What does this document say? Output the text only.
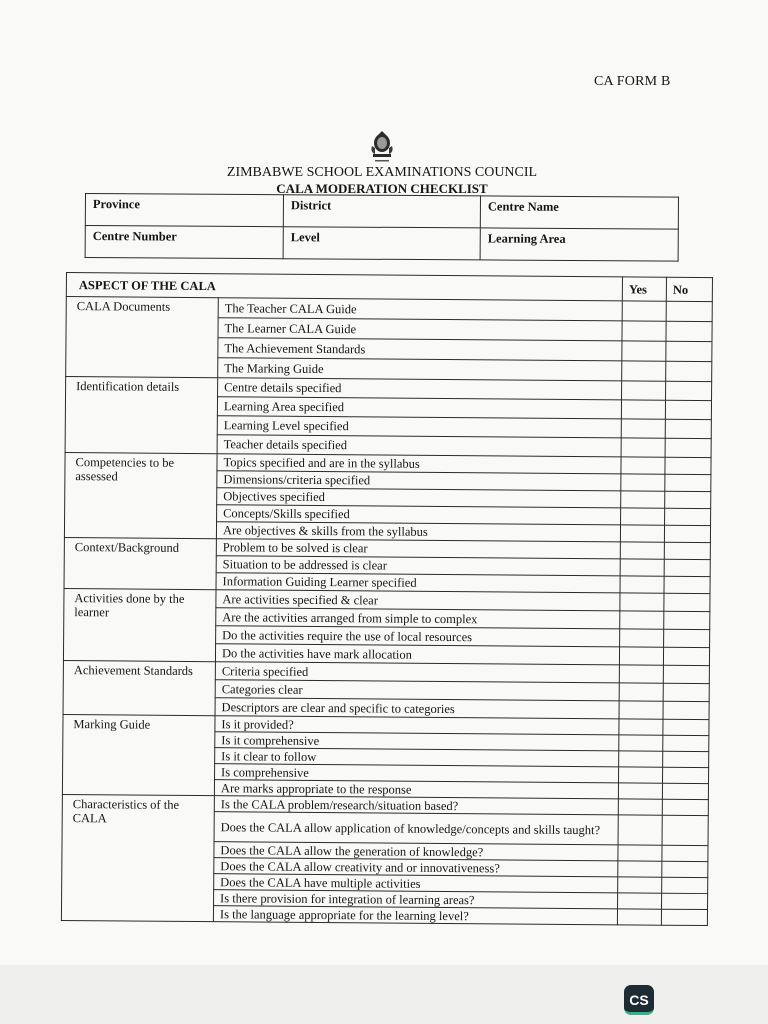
CA FORM B
ZIMBABWE SCHOOL EXAMINATIONS COUNCIL
CALA MODERATION CHECKLIST
Province	District	Centre Name
Centre Number	Level	Learning Area
ASPECT OF THE CALA		Yes	No
CALA Documents	The Teacher CALA Guide		
	The Learner CALA Guide		
	The Achievement Standards		
	The Marking Guide		
Identification details	Centre details specified		
	Learning Area specified		
	Learning Level specified		
	Teacher details specified		
Competencies to be assessed	Topics specified and are in the syllabus		
	Dimensions/criteria specified		
	Objectives specified		
	Concepts/Skills specified		
	Are objectives & skills from the syllabus		
Context/Background	Problem to be solved is clear		
	Situation to be addressed is clear		
	Information Guiding Learner specified		
Activities done by the learner	Are activities specified & clear		
	Are the activities arranged from simple to complex		
	Do the activities require the use of local resources		
	Do the activities have mark allocation		
Achievement Standards	Criteria specified		
	Categories clear		
	Descriptors are clear and specific to categories		
Marking Guide	Is it provided?		
	Is it comprehensive		
	Is it clear to follow		
	Is comprehensive		
	Are marks appropriate to the response		
Characteristics of the CALA	Is the CALA problem/research/situation based?		
	Does the CALA allow application of knowledge/concepts and skills taught?		
	Does the CALA allow the generation of knowledge?		
	Does the CALA allow creativity and or innovativeness?		
	Does the CALA have multiple activities		
	Is there provision for integration of learning areas?		
	Is the language appropriate for the learning level?		
CS
